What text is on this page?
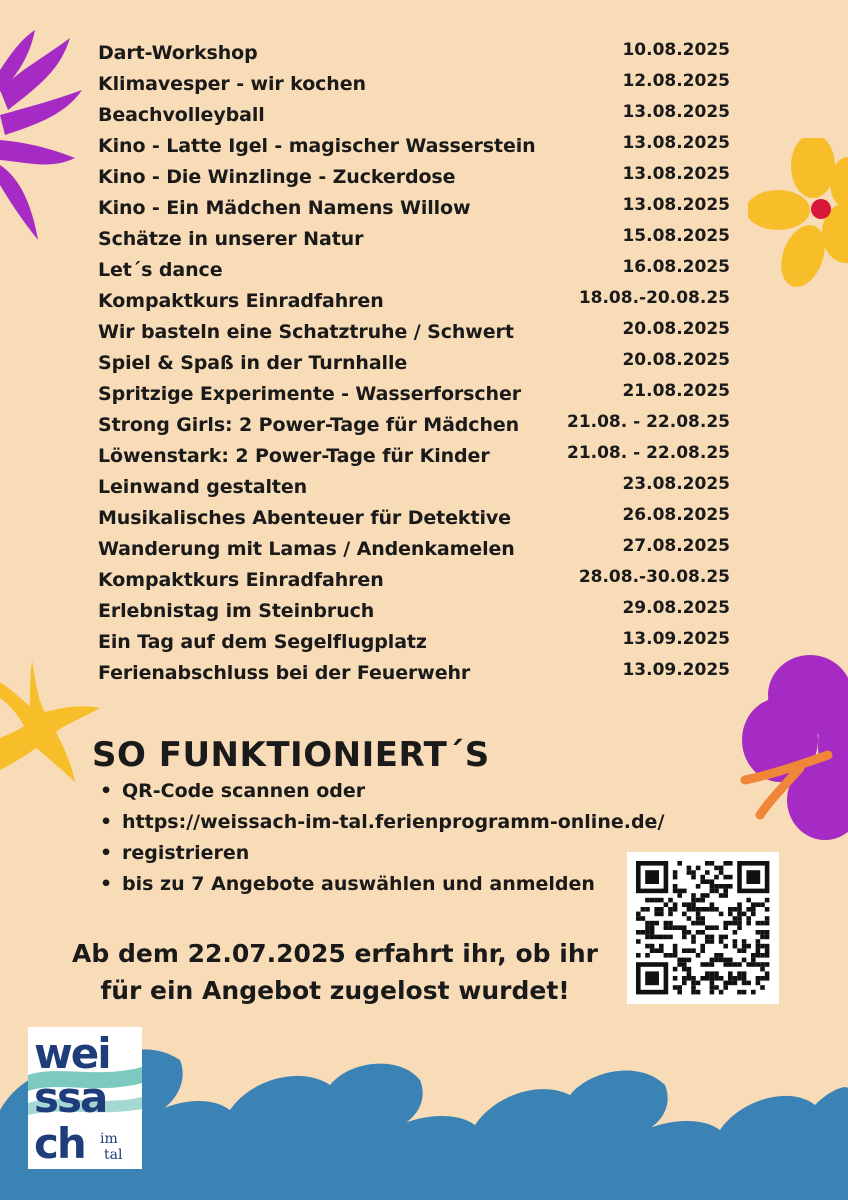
Dart-Workshop	10.08.2025
Klimavesper - wir kochen	12.08.2025
Beachvolleyball	13.08.2025
Kino - Latte Igel - magischer Wasserstein	13.08.2025
Kino - Die Winzlinge - Zuckerdose	13.08.2025
Kino - Ein Mädchen Namens Willow	13.08.2025
Schätze in unserer Natur	15.08.2025
Let´s dance	16.08.2025
Kompaktkurs Einradfahren	18.08.-20.08.25
Wir basteln eine Schatztruhe / Schwert	20.08.2025
Spiel & Spaß in der Turnhalle	20.08.2025
Spritzige Experimente - Wasserforscher	21.08.2025
Strong Girls: 2 Power-Tage für Mädchen	21.08. - 22.08.25
Löwenstark: 2 Power-Tage für Kinder	21.08. - 22.08.25
Leinwand gestalten	23.08.2025
Musikalisches Abenteuer für Detektive	26.08.2025
Wanderung mit Lamas / Andenkamelen	27.08.2025
Kompaktkurs Einradfahren	28.08.-30.08.25
Erlebnistag im Steinbruch	29.08.2025
Ein Tag auf dem Segelflugplatz	13.09.2025
Ferienabschluss bei der Feuerwehr	13.09.2025
SO FUNKTIONIERT´S
• QR-Code scannen oder
• https://weissach-im-tal.ferienprogramm-online.de/
• registrieren
• bis zu 7 Angebote auswählen und anmelden
Ab dem 22.07.2025 erfahrt ihr, ob ihr
für ein Angebot zugelost wurdet!
wei
ssa
ch im
tal
